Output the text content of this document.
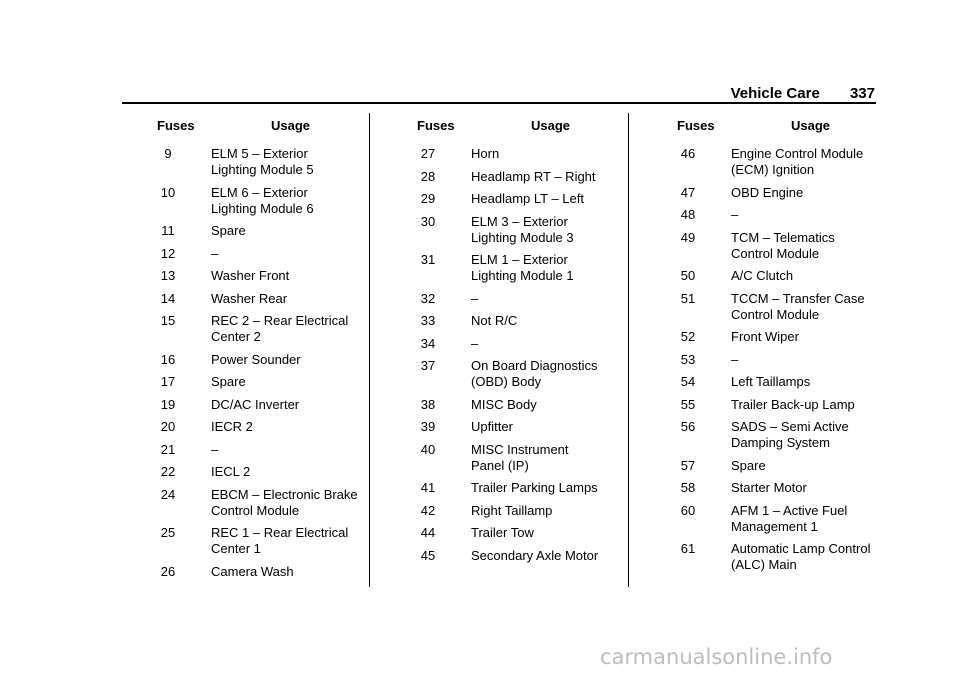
Vehicle Care 337
Fuses	Usage
9	ELM 5 – Exterior
Lighting Module 5
10	ELM 6 – Exterior
Lighting Module 6
11	Spare
12	–
13	Washer Front
14	Washer Rear
15	REC 2 – Rear Electrical
Center 2
16	Power Sounder
17	Spare
19	DC/AC Inverter
20	IECR 2
21	–
22	IECL 2
24	EBCM – Electronic Brake
Control Module
25	REC 1 – Rear Electrical
Center 1
26	Camera Wash
Fuses	Usage
27	Horn
28	Headlamp RT – Right
29	Headlamp LT – Left
30	ELM 3 – Exterior
Lighting Module 3
31	ELM 1 – Exterior
Lighting Module 1
32	–
33	Not R/C
34	–
37	On Board Diagnostics
(OBD) Body
38	MISC Body
39	Upfitter
40	MISC Instrument
Panel (IP)
41	Trailer Parking Lamps
42	Right Taillamp
44	Trailer Tow
45	Secondary Axle Motor
Fuses	Usage
46	Engine Control Module
(ECM) Ignition
47	OBD Engine
48	–
49	TCM – Telematics
Control Module
50	A/C Clutch
51	TCCM – Transfer Case
Control Module
52	Front Wiper
53	–
54	Left Taillamps
55	Trailer Back-up Lamp
56	SADS – Semi Active
Damping System
57	Spare
58	Starter Motor
60	AFM 1 – Active Fuel
Management 1
61	Automatic Lamp Control
(ALC) Main
carmanualsonline.info
